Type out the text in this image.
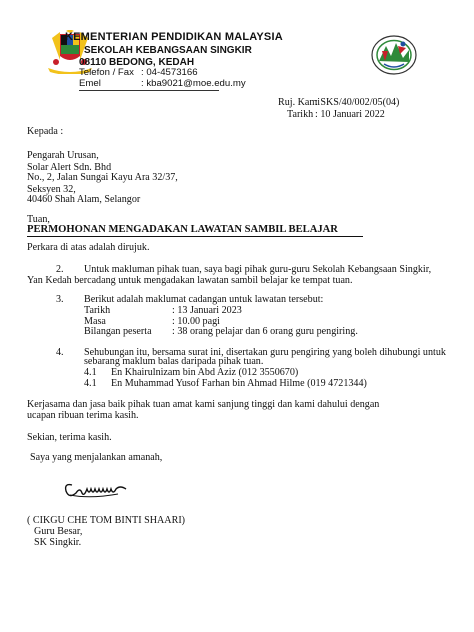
KEMENTERIAN PENDIDIKAN MALAYSIA
SEKOLAH KEBANGSAAN SINGKIR
08110 BEDONG, KEDAH
Telefon / Fax : 04-4573166
Emel	: kba9021@moe.edu.my
Ruj. Kami
: SKS/40/002/05(04)
Tarikh : 10 Januari 2022
Kepada :
Pengarah Urusan,
Solar Alert Sdn. Bhd
No., 2, Jalan Sungai Kayu Ara 32/37,
Seksyen 32,
40460 Shah Alam, Selangor
Tuan,
PERMOHONAN MENGADAKAN LAWATAN SAMBIL BELAJAR
Perkara di atas adalah dirujuk.
2. Untuk makluman pihak tuan, saya bagi pihak guru-guru Sekolah Kebangsaan Singkir,
Yan Kedah bercadang untuk mengadakan lawatan sambil belajar ke tempat tuan.
3. Berikut adalah maklumat cadangan untuk lawatan tersebut:
Tarikh	: 13 Januari 2023
Masa	: 10.00 pagi
Bilangan peserta : 38 orang pelajar dan 6 orang guru pengiring.
4. Sehubungan itu, bersama surat ini, disertakan guru pengiring yang boleh dihubungi untuk
sebarang maklum balas daripada pihak tuan.
4.1 En Khairulnizam bin Abd Aziz (012 3550670)
4.1 En Muhammad Yusof Farhan bin Ahmad Hilme (019 4721344)
Kerjasama dan jasa baik pihak tuan amat kami sanjung tinggi dan kami dahului dengan
ucapan ribuan terima kasih.
Sekian, terima kasih.
Saya yang menjalankan amanah,
( CIKGU CHE TOM BINTI SHAARI)
Guru Besar,
SK Singkir.
